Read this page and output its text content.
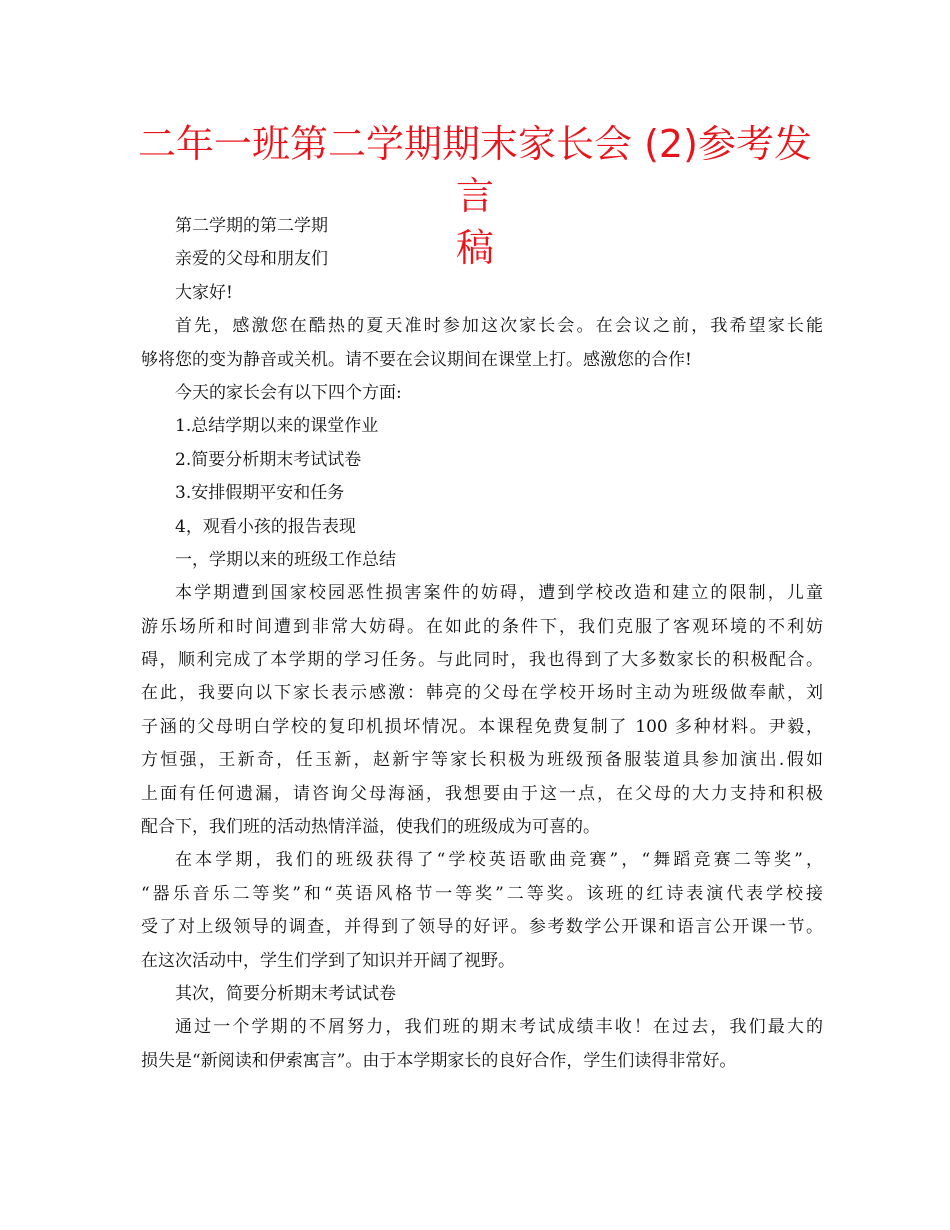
二年一班第二学期期末家长会 (2)参考发言
稿
第二学期的第二学期
亲爱的父母和朋友们
大家好!
首先，感激您在酷热的夏天准时参加这次家长会。在会议之前，我希望家长能
够将您的变为静音或关机。请不要在会议期间在课堂上打。感激您的合作!
今天的家长会有以下四个方面:
1.总结学期以来的课堂作业
2.简要分析期末考试试卷
3.安排假期平安和任务
4，观看小孩的报告表现
一，学期以来的班级工作总结
本学期遭到国家校园恶性损害案件的妨碍，遭到学校改造和建立的限制，儿童
游乐场所和时间遭到非常大妨碍。在如此的条件下，我们克服了客观环境的不利妨
碍，顺利完成了本学期的学习任务。与此同时，我也得到了大多数家长的积极配合。
在此，我要向以下家长表示感激：韩亮的父母在学校开场时主动为班级做奉献，刘
子涵的父母明白学校的复印机损坏情况。本课程免费复制了 100 多种材料。尹毅，
方恒强，王新奇，任玉新，赵新宇等家长积极为班级预备服装道具参加演出.假如
上面有任何遗漏，请咨询父母海涵，我想要由于这一点，在父母的大力支持和积极
配合下，我们班的活动热情洋溢，使我们的班级成为可喜的。
在本学期，我们的班级获得了“学校英语歌曲竞赛”，“舞蹈竞赛二等奖”，
“器乐音乐二等奖”和“英语风格节一等奖”二等奖。该班的红诗表演代表学校接
受了对上级领导的调查，并得到了领导的好评。参考数学公开课和语言公开课一节。
在这次活动中，学生们学到了知识并开阔了视野。
其次，简要分析期末考试试卷
通过一个学期的不屑努力，我们班的期末考试成绩丰收！在过去，我们最大的
损失是“新阅读和伊索寓言”。由于本学期家长的良好合作，学生们读得非常好。
